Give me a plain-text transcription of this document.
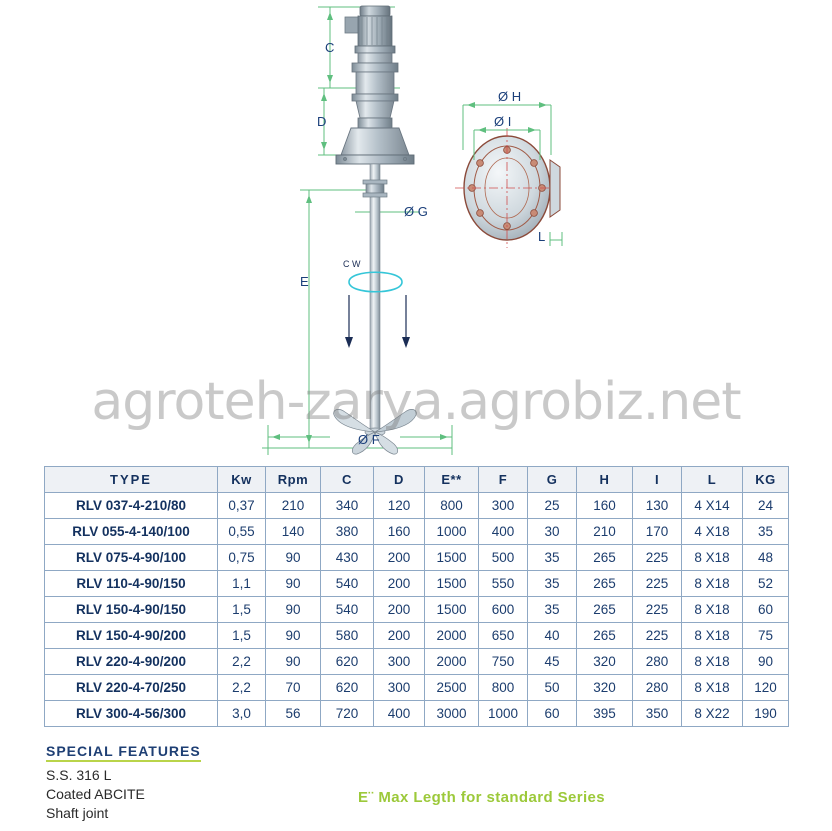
C W
C
D
E
Ø G
Ø F
Ø H
Ø I
L
agroteh-zarya.agrobiz.net
TYPE	Kw	Rpm	C	D	E**	F	G	H	I	L	KG
RLV 037-4-210/80	0,37	210	340	120	800	300	25	160	130	4 X14	24
RLV 055-4-140/100	0,55	140	380	160	1000	400	30	210	170	4 X18	35
RLV 075-4-90/100	0,75	90	430	200	1500	500	35	265	225	8 X18	48
RLV 110-4-90/150	1,1	90	540	200	1500	550	35	265	225	8 X18	52
RLV 150-4-90/150	1,5	90	540	200	1500	600	35	265	225	8 X18	60
RLV 150-4-90/200	1,5	90	580	200	2000	650	40	265	225	8 X18	75
RLV 220-4-90/200	2,2	90	620	300	2000	750	45	320	280	8 X18	90
RLV 220-4-70/250	2,2	70	620	300	2500	800	50	320	280	8 X18	120
RLV 300-4-56/300	3,0	56	720	400	3000	1000	60	395	350	8 X22	190
SPECIAL FEATURES
S.S. 316 L
Coated ABCITE
Shaft joint
E¨ Max Legth for standard Series
